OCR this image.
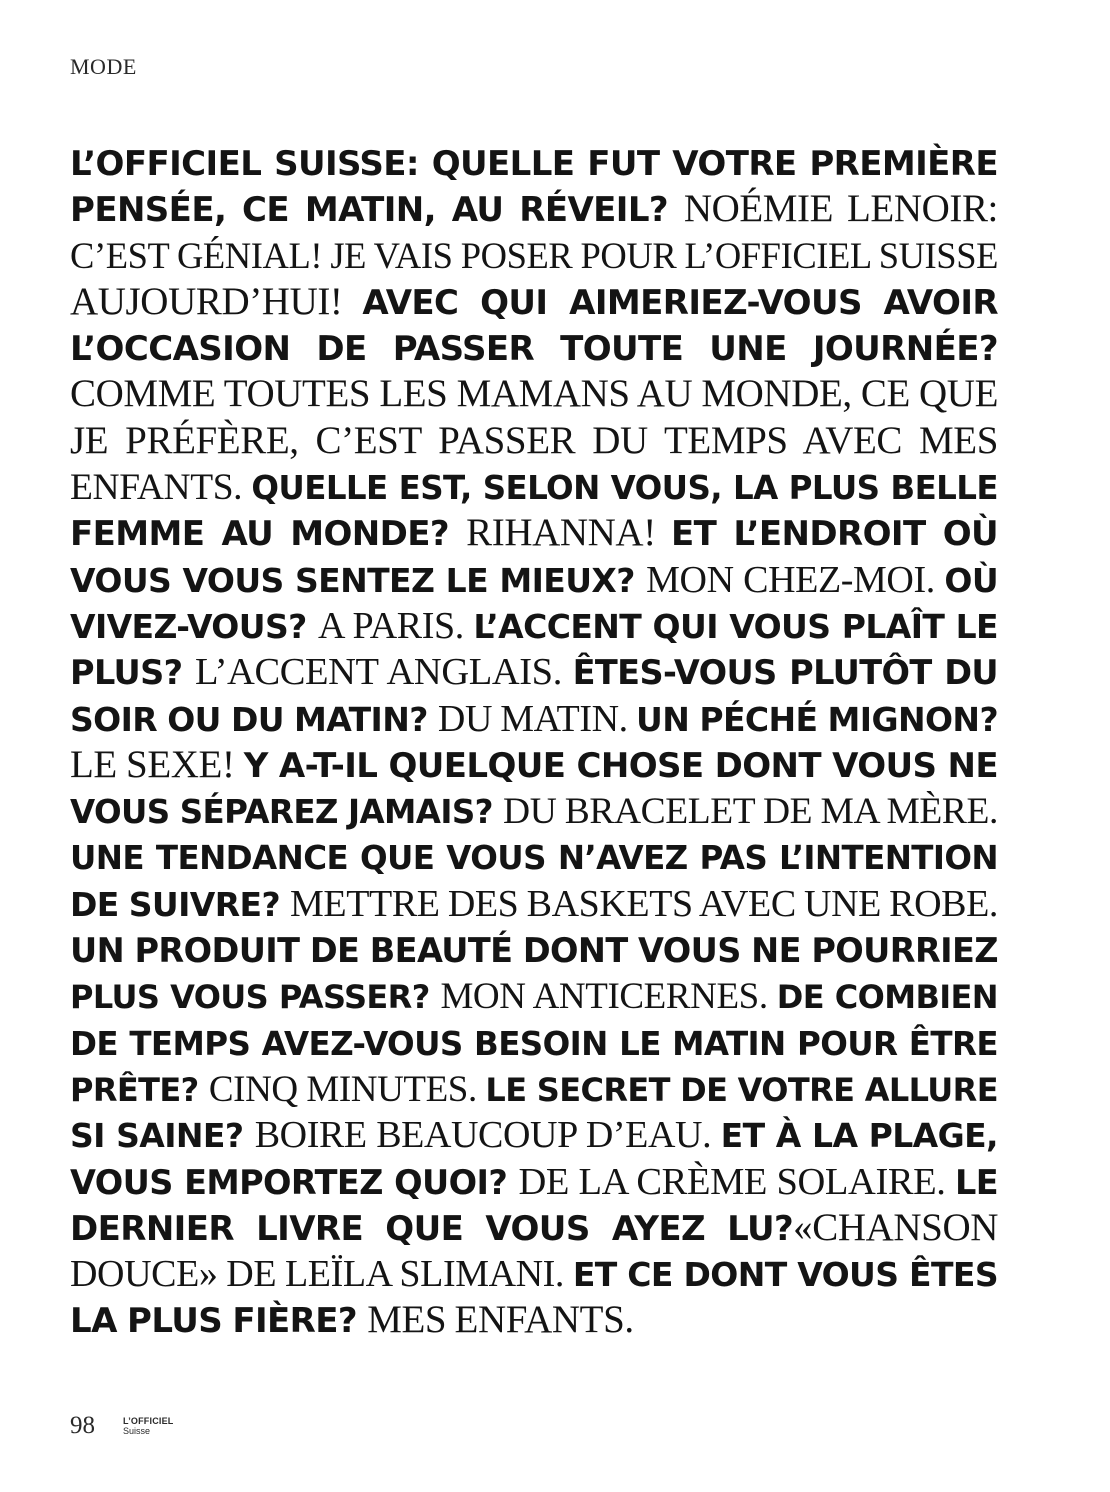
MODE
L’OFFICIEL SUISSE: QUELLE FUT VOTRE PREMIÈRE
PENSÉE, CE MATIN, AU RÉVEIL? NOÉMIE LENOIR:
C’EST GÉNIAL! JE VAIS POSER POUR L’OFFICIEL SUISSE
AUJOURD’HUI! AVEC QUI AIMERIEZ-VOUS AVOIR
L’OCCASION DE PASSER TOUTE UNE JOURNÉE?
COMME TOUTES LES MAMANS AU MONDE, CE QUE
JE PRÉFÈRE, C’EST PASSER DU TEMPS AVEC MES
ENFANTS. QUELLE EST, SELON VOUS, LA PLUS BELLE
FEMME AU MONDE? RIHANNA! ET L’ENDROIT OÙ
VOUS VOUS SENTEZ LE MIEUX? MON CHEZ-MOI. OÙ
VIVEZ-VOUS? A PARIS. L’ACCENT QUI VOUS PLAÎT LE
PLUS? L’ACCENT ANGLAIS. ÊTES-VOUS PLUTÔT DU
SOIR OU DU MATIN? DU MATIN. UN PÉCHÉ MIGNON?
LE SEXE! Y A-T-IL QUELQUE CHOSE DONT VOUS NE
VOUS SÉPAREZ JAMAIS? DU BRACELET DE MA MÈRE.
UNE TENDANCE QUE VOUS N’AVEZ PAS L’INTENTION
DE SUIVRE? METTRE DES BASKETS AVEC UNE ROBE.
UN PRODUIT DE BEAUTÉ DONT VOUS NE POURRIEZ
PLUS VOUS PASSER? MON ANTICERNES. DE COMBIEN
DE TEMPS AVEZ-VOUS BESOIN LE MATIN POUR ÊTRE
PRÊTE? CINQ MINUTES. LE SECRET DE VOTRE ALLURE
SI SAINE? BOIRE BEAUCOUP D’EAU. ET À LA PLAGE,
VOUS EMPORTEZ QUOI? DE LA CRÈME SOLAIRE. LE
DERNIER LIVRE QUE VOUS AYEZ LU?«CHANSON
DOUCE» DE LEÏLA SLIMANI. ET CE DONT VOUS ÊTES
LA PLUS FIÈRE? MES ENFANTS.
98	L’OFFICIEL
Suisse
